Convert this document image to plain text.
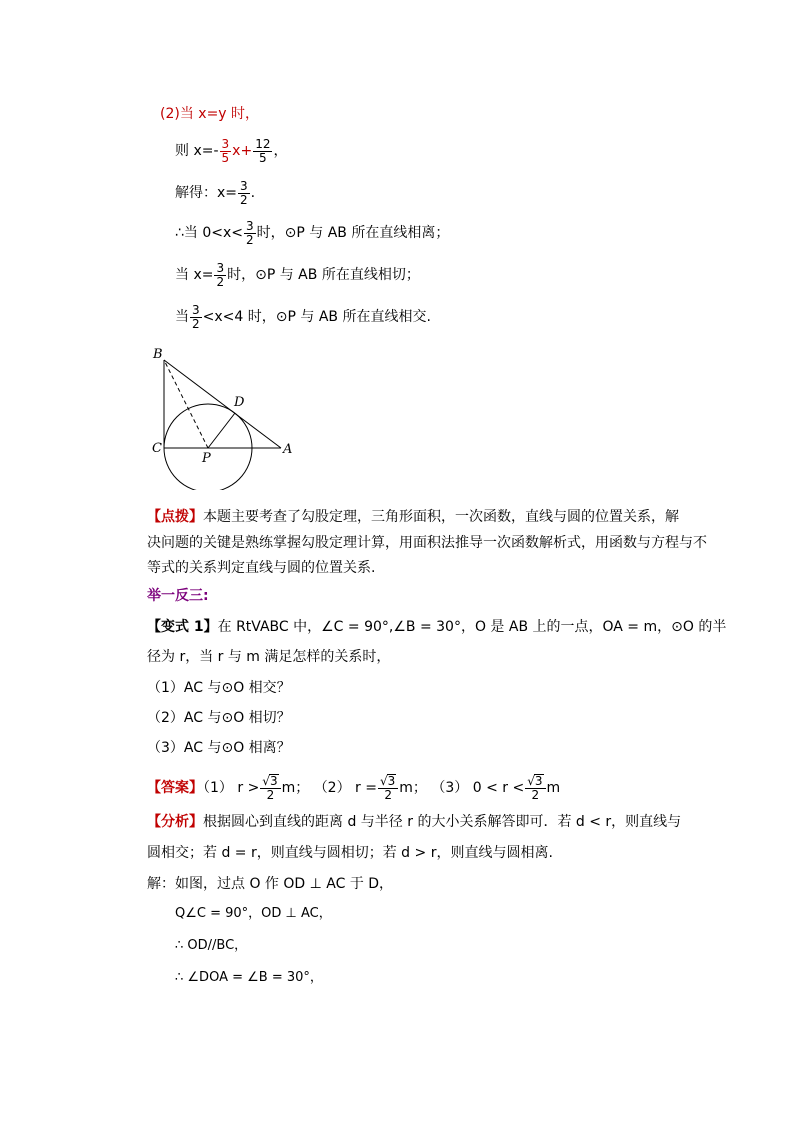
(2)当 x=y 时，
则 $x=- \frac{3}{5} x+ \frac{12}{5}$ ，
解得：$x= \frac{3}{2}$ .
∴当 $0<x< \frac{3}{2}$ 时，⊙P 与 AB 所在直线相离；
当 $x= \frac{3}{2}$ 时，⊙P 与 AB 所在直线相切；
当 $\frac{3}{2} <x<4$ 时，⊙P 与 AB 所在直线相交.
B
D
C
P
A
【点拨】本题主要考查了勾股定理，三角形面积，一次函数，直线与圆的位置关系，解
决问题的关键是熟练掌握勾股定理计算，用面积法推导一次函数解析式，用函数与方程与不
等式的关系判定直线与圆的位置关系.
举一反三:
【变式 1】在 RtVABC 中，∠C = 90°,∠B = 30°，O 是 AB 上的一点，OA = m，⊙O 的半
径为 r，当 r 与 m 满足怎样的关系时，
（1）AC 与⊙O 相交？
（2）AC 与⊙O 相切？
（3）AC 与⊙O 相离？
【答案】（1） $r > \frac{√3}{2}$ m； （2） $r = \frac{√3}{2}$ m； （3） $0 < r < \frac{√3}{2}$ m
【分析】根据圆心到直线的距离 d 与半径 r 的大小关系解答即可．若 d < r，则直线与
圆相交；若 d = r，则直线与圆相切；若 d > r，则直线与圆相离.
解：如图，过点 O 作 OD ⊥ AC 于 D，
Q∠C = 90°，OD ⊥ AC，
∴ OD//BC，
∴ ∠DOA = ∠B = 30°，
